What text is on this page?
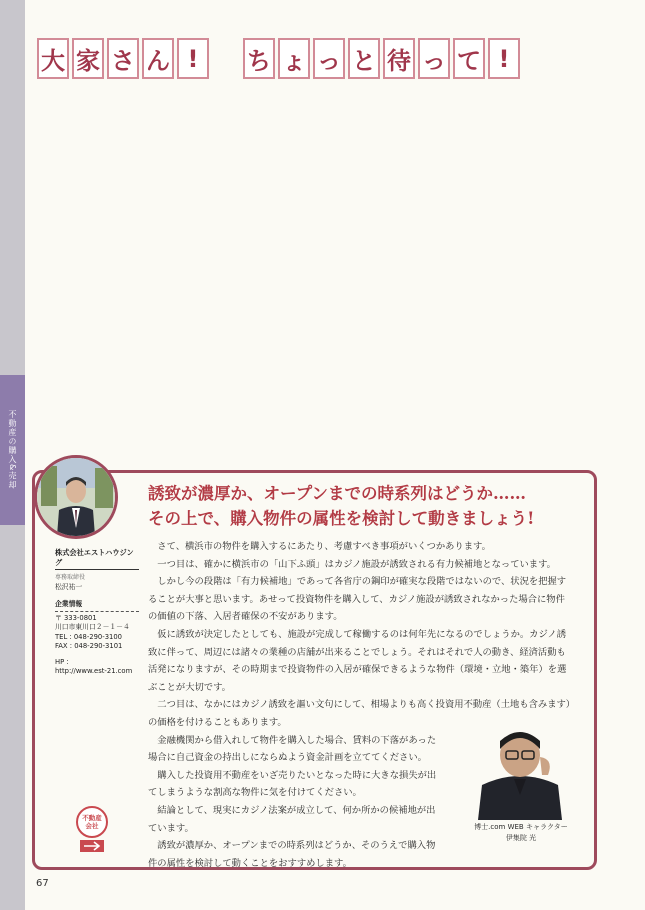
不動産の購入&売却
大 家 さ ん !	ち ょ っ と 待 っ て !
誘致が濃厚か、オープンまでの時系列はどうか……
その上で、購入物件の属性を検討して動きましょう!
株式会社エストハウジング
専務取締役
松沢祐一
企業情報
〒 333-0801
川口市東川口２－１－４
TEL : 048-290-3100
FAX : 048-290-3101
HP :
http://www.est-21.com

さて、横浜市の物件を購入するにあたり、考慮すべき事項がいくつかあります。

一つ目は、確かに横浜市の「山下ふ頭」はカジノ施設が誘致される有力候補地となっています。

しかし今の段階は「有力候補地」であって各省庁の鋼印が確実な段階ではないので、状況を把握することが大事と思います。あせって投資物件を購入して、カジノ施設が誘致されなかった場合に物件の価値の下落、入居者確保の不安があります。

仮に誘致が決定したとしても、施設が完成して稼働するのは何年先になるのでしょうか。カジノ誘致に伴って、周辺には諸々の業種の店舗が出来ることでしょう。それはそれで人の動き、経済活動も活発になりますが、その時期まで投資物件の入居が確保できるような物件（環境・立地・築年）を選ぶことが大切です。

二つ目は、なかにはカジノ誘致を謳い文句にして、相場よりも高く投資用不動産（土地も含みます）の価格を付けることもあります。

金融機関から借入れして物件を購入した場合、賃料の下落があった場合に自己資金の持出しにならぬよう資金計画を立ててください。

購入した投資用不動産をいざ売りたいとなった時に大きな損失が出てしまうような割高な物件に気を付けてください。

結論として、現実にカジノ法案が成立して、何か所かの候補地が出ています。

誘致が濃厚か、オープンまでの時系列はどうか、そのうえで購入物件の属性を検討して動くことをおすすめします。

博士.com WEB キャラクター
伊集院 光
不動産
会社
67
